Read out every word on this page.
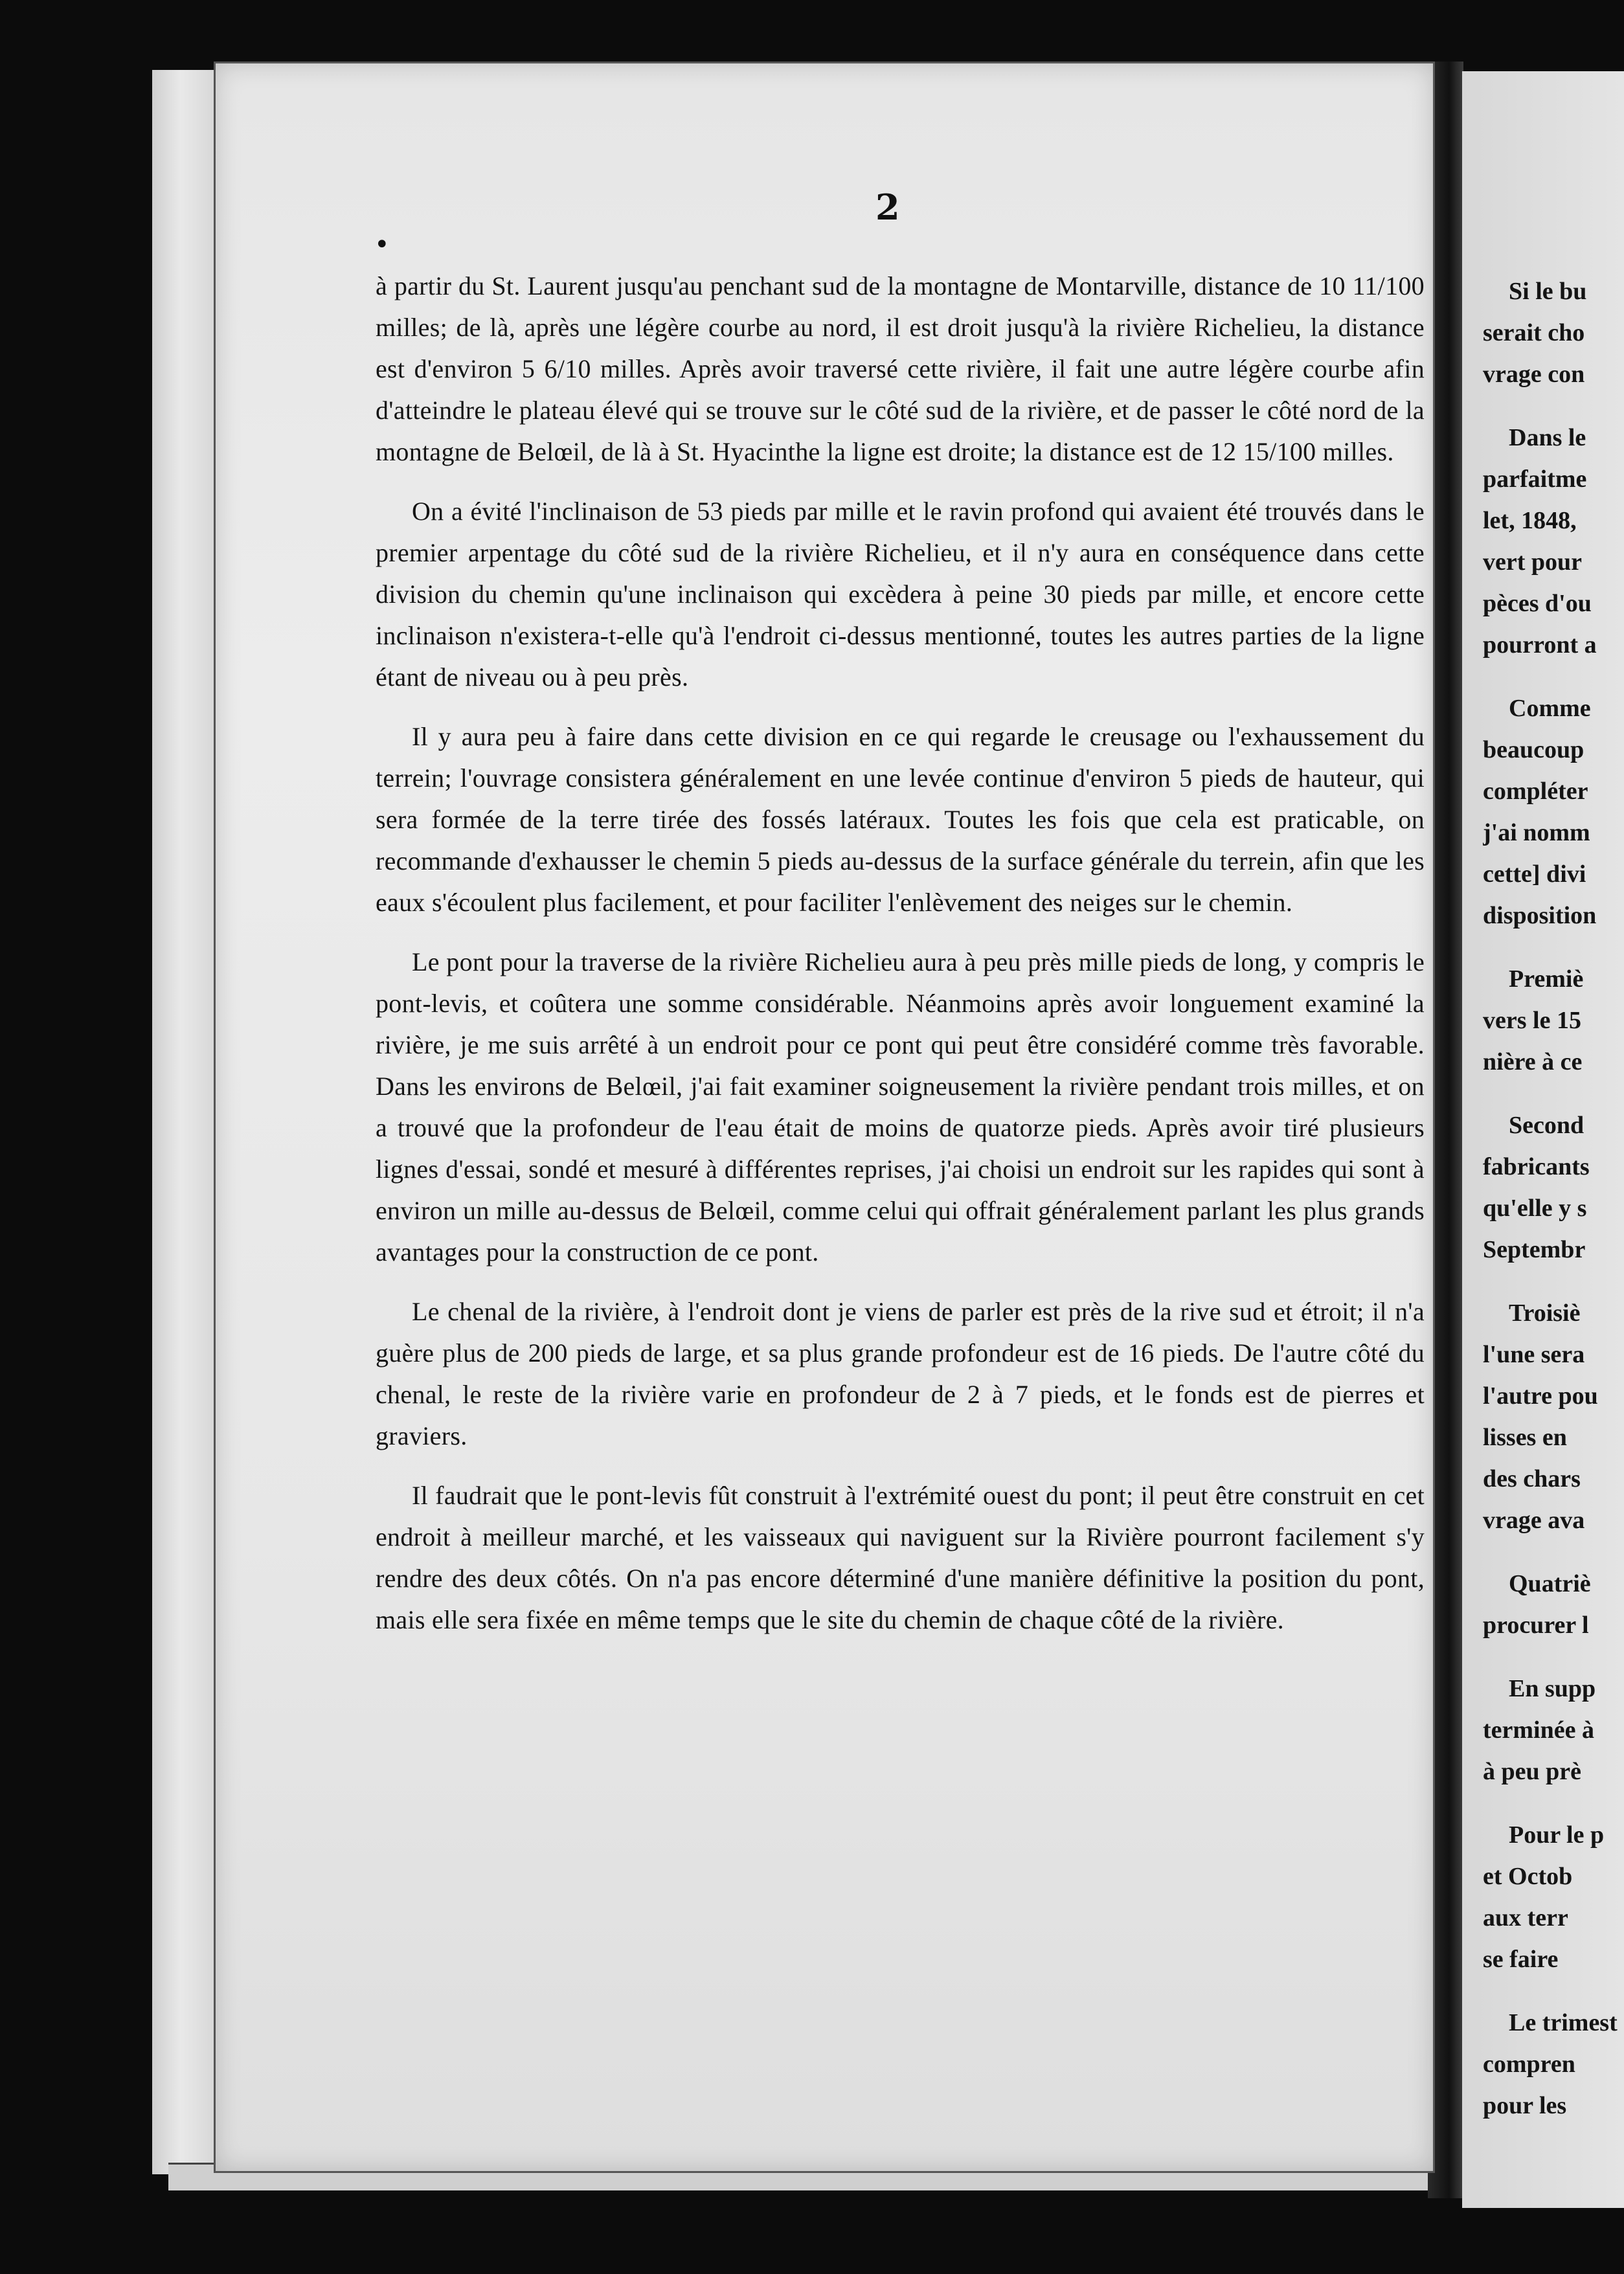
2
•

à partir du St. Laurent jusqu'au penchant sud de la montagne de Montarville, distance de 10 11/100 milles; de là, après une légère courbe au nord, il est droit jusqu'à la rivière Richelieu, la distance est d'environ 5 6/10 milles. Après avoir traversé cette rivière, il fait une autre légère courbe afin d'atteindre le plateau élevé qui se trouve sur le côté sud de la rivière, et de passer le côté nord de la montagne de Belœil, de là à St. Hyacinthe la ligne est droite; la distance est de 12 15/100 milles.

On a évité l'inclinaison de 53 pieds par mille et le ravin profond qui avaient été trouvés dans le premier arpentage du côté sud de la rivière Richelieu, et il n'y aura en conséquence dans cette division du chemin qu'une inclinaison qui excèdera à peine 30 pieds par mille, et encore cette inclinaison n'existera-t-elle qu'à l'endroit ci-dessus mentionné, toutes les autres parties de la ligne étant de niveau ou à peu près.

Il y aura peu à faire dans cette division en ce qui regarde le creusage ou l'exhaussement du terrein; l'ouvrage consistera généralement en une levée continue d'environ 5 pieds de hauteur, qui sera formée de la terre tirée des fossés latéraux. Toutes les fois que cela est praticable, on recommande d'exhausser le chemin 5 pieds au-dessus de la surface générale du terrein, afin que les eaux s'écoulent plus facilement, et pour faciliter l'enlèvement des neiges sur le chemin.

Le pont pour la traverse de la rivière Richelieu aura à peu près mille pieds de long, y compris le pont-levis, et coûtera une somme considérable. Néanmoins après avoir longuement examiné la rivière, je me suis arrêté à un endroit pour ce pont qui peut être considéré comme très favorable. Dans les environs de Belœil, j'ai fait examiner soigneusement la rivière pendant trois milles, et on a trouvé que la profondeur de l'eau était de moins de quatorze pieds. Après avoir tiré plusieurs lignes d'essai, sondé et mesuré à différentes reprises, j'ai choisi un endroit sur les rapides qui sont à environ un mille au-dessus de Belœil, comme celui qui offrait généralement parlant les plus grands avantages pour la construction de ce pont.

Le chenal de la rivière, à l'endroit dont je viens de parler est près de la rive sud et étroit; il n'a guère plus de 200 pieds de large, et sa plus grande profondeur est de 16 pieds. De l'autre côté du chenal, le reste de la rivière varie en profondeur de 2 à 7 pieds, et le fonds est de pierres et graviers.

Il faudrait que le pont-levis fût construit à l'extrémité ouest du pont; il peut être construit en cet endroit à meilleur marché, et les vaisseaux qui naviguent sur la Rivière pourront facilement s'y rendre des deux côtés. On n'a pas encore déterminé d'une manière définitive la position du pont, mais elle sera fixée en même temps que le site du chemin de chaque côté de la rivière.

Si le bu
serait cho
vrage con
Dans le
parfaitme
let, 1848,
vert pour
pèces d'ou
pourront a
Comme
beaucoup
compléter
j'ai nomm
cette] divi
disposition
Premiè
vers le 15
nière à ce
Second
fabricants
qu'elle y s
Septembr
Troisiè
l'une sera
l'autre pou
lisses en
des chars
vrage ava
Quatriè
procurer l
En supp
terminée à
à peu prè
Pour le p
et Octob
aux terr
se faire
Le trimest
compren
pour les
